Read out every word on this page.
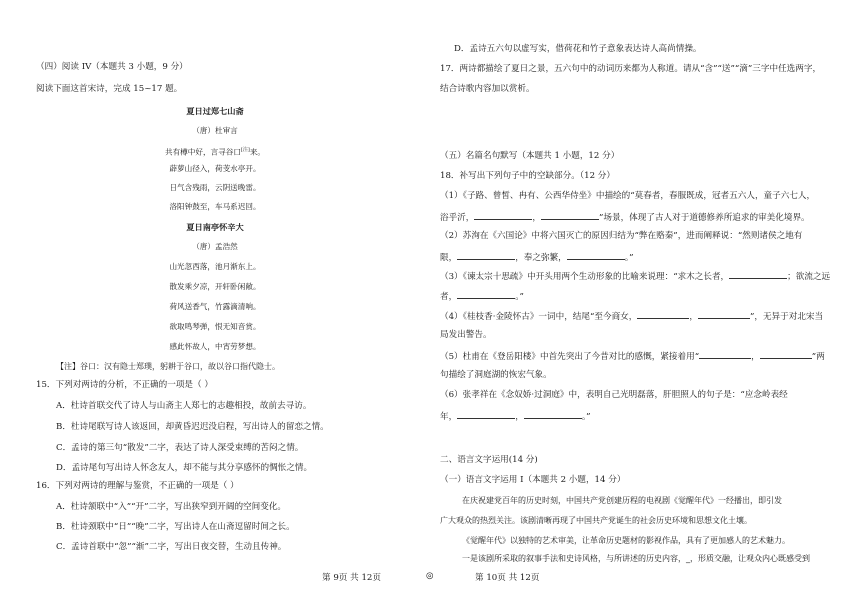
（四）阅读 IV（本题共 3 小题，9 分）
阅读下面这首宋诗，完成 15~17 题。
夏日过郑七山斋
（唐）杜审言
共有樽中好，言寻谷口[注]来。
薜萝山径入，荷芰水亭开。
日气含残雨，云阴送晚雷。
洛阳钟鼓至，车马系迟回。
夏日南亭怀辛大
（唐）孟浩然
山光忽西落，池月渐东上。
散发乘夕凉，开轩卧闲敞。
荷风送香气，竹露滴清响。
欲取鸣琴弹，恨无知音赏。
感此怀故人，中宵劳梦想。
【注】谷口：汉有隐士郑璞，躬耕于谷口，故以谷口指代隐士。
15．下列对两诗的分析，不正确的一项是（ ）
A．杜诗首联交代了诗人与山斋主人郑七的志趣相投，故前去寻访。
B．杜诗尾联写诗人该返回，却黄昏迟迟没启程，写出诗人的留恋之情。
C．孟诗的第三句“散发”二字，表达了诗人深受束缚的苦闷之情。
D．孟诗尾句写出诗人怀念友人，却不能与其分享感怀的惆怅之情。
16．下列对两诗的理解与鉴赏，不正确的一项是（ ）
A．杜诗颔联中“入”“开”二字，写出狭窄到开阔的空间变化。
B．杜诗颈联中“日”“晚”二字，写出诗人在山斋逗留时间之长。
C．孟诗首联中“忽”“渐”二字，写出日夜交替，生动且传神。
第 9页 共 12页
D．孟诗五六句以虚写实，借荷花和竹子意象表达诗人高尚情操。
17．两诗都描绘了夏日之景，五六句中的动词历来都为人称道。请从“含”“送”“滴”三字中任选两字，
结合诗歌内容加以赏析。
（五）名篇名句默写（本题共 1 小题，12 分）
18．补写出下列句子中的空缺部分。（12 分）
（1）《子路、曾皙、冉有、公西华侍坐》中描绘的“莫春者，春服既成，冠者五六人，童子六七人，
浴乎沂，	，	”场景，体现了古人对于道德修养所追求的审美化境界。
（2）苏洵在《六国论》中将六国灭亡的原因归结为“弊在赂秦”，进而阐释说：“然则诸侯之地有
限，	，奉之弥繁，	。”
（3）《谏太宗十思疏》中开头用两个生动形象的比喻来说理：“求木之长者，	；欲流之远
者，	。”
（4）《桂枝香·金陵怀古》一词中，结尾“至今商女，	，	”，无异于对北宋当
局发出警告。
（5）杜甫在《登岳阳楼》中首先突出了今昔对比的感慨，紧接着用“	，	”两
句描绘了洞庭湖的恢宏气象。
（6）张孝祥在《念奴娇·过洞庭》中，表明自己光明磊落，肝胆照人的句子是：“应念岭表经
年，	，	。”
二、语言文字运用(14 分)
（一）语言文字运用 I（本题共 2 小题，14 分）
在庆祝建党百年的历史时刻，中国共产党创建历程的电视剧《觉醒年代》一经播出，即引发
广大观众的热烈关注。该剧清晰再现了中国共产党诞生的社会历史环境和思想文化土壤。
《觉醒年代》以独特的艺术审美，让革命历史题材的影视作品，具有了更加感人的艺术魅力。
一是该剧所采取的叙事手法和史诗风格，与所讲述的历史内容，_，形质交融，让观众内心既感受到
第 10页 共 12页
◎
